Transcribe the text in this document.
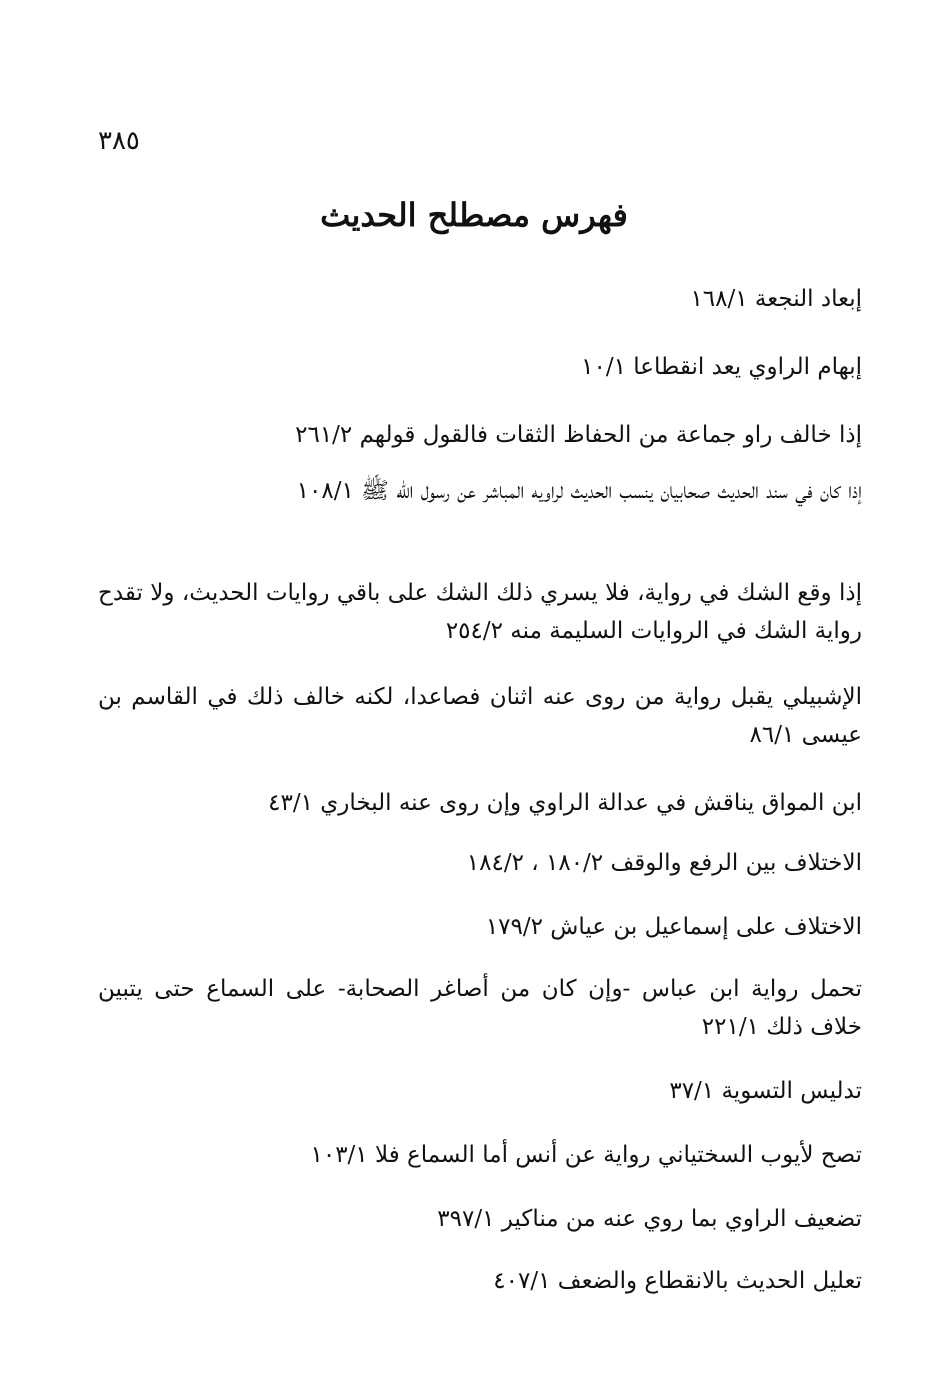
٣٨٥
فهرس مصطلح الحديث
إبعاد النجعة ١٦٨/١
إبهام الراوي يعد انقطاعا ١٠/١
إذا خالف راو جماعة من الحفاظ الثقات فالقول قولهم ٢٦١/٢
إذا كان في سند الحديث صحابيان ينسب الحديث لراويه المباشر عن رسول الله ﷺ ١٠٨/١
إذا وقع الشك في رواية، فلا يسري ذلك الشك على باقي روايات الحديث، ولا تقدح رواية الشك في الروايات السليمة منه ٢٥٤/٢
الإشبيلي يقبل رواية من روى عنه اثنان فصاعدا، لكنه خالف ذلك في القاسم بن عيسى ٨٦/١
ابن المواق يناقش في عدالة الراوي وإن روى عنه البخاري ٤٣/١
الاختلاف بين الرفع والوقف ١٨٠/٢ ، ١٨٤/٢
الاختلاف على إسماعيل بن عياش ١٧٩/٢
تحمل رواية ابن عباس -وإن كان من أصاغر الصحابة- على السماع حتى يتبين خلاف ذلك ٢٢١/١
تدليس التسوية ٣٧/١
تصح لأيوب السختياني رواية عن أنس أما السماع فلا ١٠٣/١
تضعيف الراوي بما روي عنه من مناكير ٣٩٧/١
تعليل الحديث بالانقطاع والضعف ٤٠٧/١
